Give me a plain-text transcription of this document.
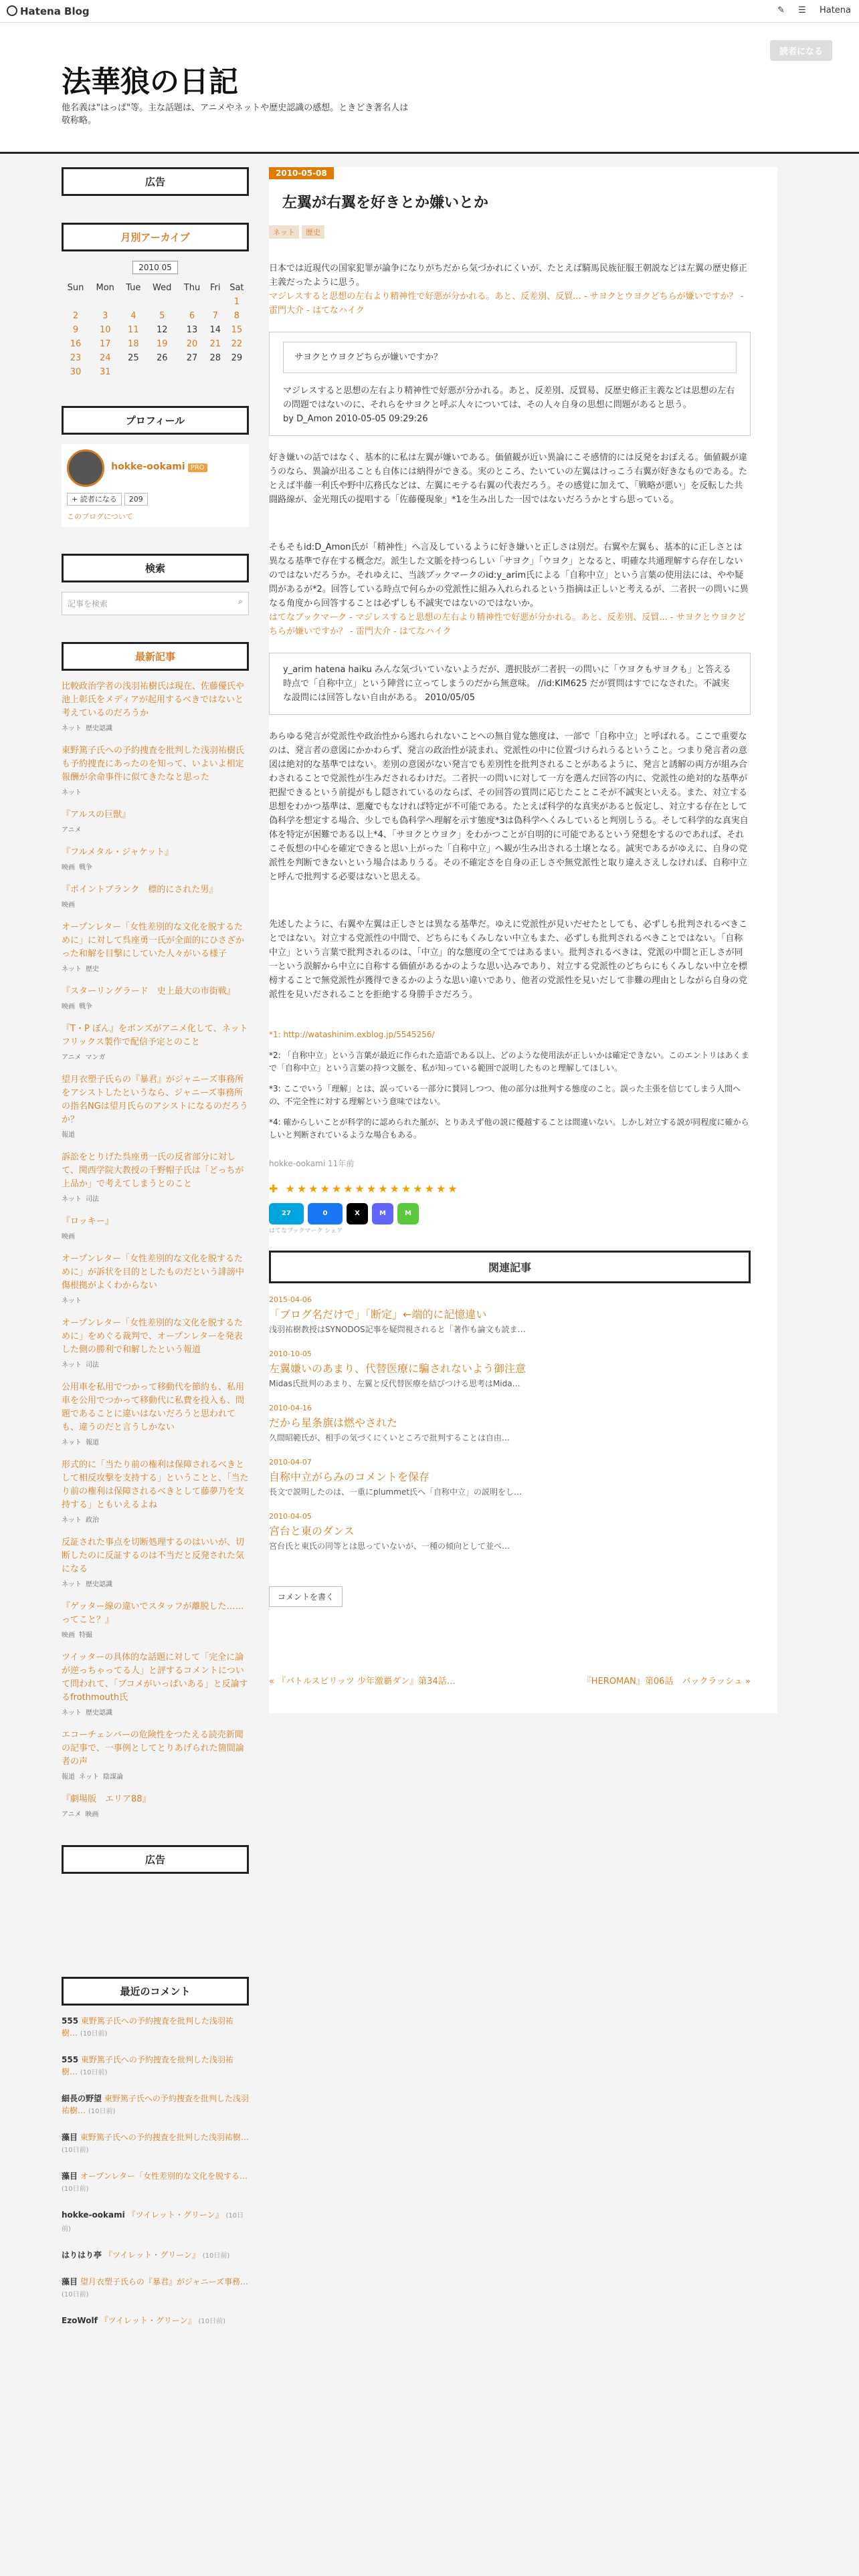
Hatena Blog	✎ ☰ Hatena
法華狼の日記
他名義は"はっぱ"等。主な話題は、アニメやネットや歴史認識の感想。ときどき著名人は敬称略。
読者になる
広告
月別アーカイブ
2010 05
Sun	Mon	Tue	Wed	Thu	Fri	Sat
						1
2	3	4	5	6	7	8
9	10	11	12	13	14	15
16	17	18	19	20	21	22
23	24	25	26	27	28	29
30	31					
プロフィール
hokke-ookami PRO
+ 読者になる 209
このブログについて
検索
記事を検索	⌕
最新記事
比較政治学者の浅羽祐樹氏は現在、佐藤優氏や池上彰氏をメディアが起用するべきではないと考えているのだろうか
ネット 歴史認識
東野篤子氏への予約捜査を批判した浅羽祐樹氏も予約捜査にあったのを知って、いよいよ相定報酬が余命事件に似てきたなと思った
ネット
『アルスの巨獣』
アニメ
『フルメタル・ジャケット』
映画 戦争
『ポイントブランク　標的にされた男』
映画
オープンレター「女性差別的な文化を脱するために」に対して呉座勇一氏が全面的にひさざかった和解を目撃にしていた人々がいる様子
ネット 歴史
『スターリングラード　史上最大の市街戦』
映画 戦争
『T・P ぼん』をボンズがアニメ化して、ネットフリックス製作で配信予定とのこと
アニメ マンガ
望月衣塑子氏らの『暴君』がジャニーズ事務所をアシストしたというなら、ジャニーズ事務所の指名NGは望月氏らのアシストになるのだろうか？
報道
訴訟をとりげた呉座勇一氏の反省部分に対して、関西学院大教授の千野帽子氏は「どっちが上品か」で考えてしまうとのこと
ネット 司法
『ロッキー』
映画
オープンレター「女性差別的な文化を脱するために」が訴状を目的としたものだという誹謗中傷根拠がよくわからない
ネット
オープンレター「女性差別的な文化を脱するために」をめぐる裁判で、オープンレターを発表した側の勝利で和解したという報道
ネット 司法
公用車を私用でつかって移動代を節約も、私用車を公用でつかって移動代に私費を投入も、問題であることに違いはないだろうと思われても、違うのだと言うしかない
ネット 報道
形式的に「当たり前の権利は保障されるべきとして相反攻撃を支持する」ということと、「当たり前の権利は保障されるべきとして藤夢乃を支持する」ともいえるよね
ネット 政治
反証された事点を切断処理するのはいいが、切断したのに反証するのは不当だと反発された気になる
ネット 歴史認識
『ゲッター線の違いでスタッフが離脱した……ってこと？』
映画 特撮
ツイッターの具体的な話題に対して「完全に論が逆っちゃってる人」と評するコメントについて問われて、「ブコメがいっぱいある」と反論するfrothmouth氏
ネット 歴史認識
エコーチェンバーの危険性をつたえる読売新聞の記事で、一事例としてとりあげられた箇間論者の声
報道 ネット 陰謀論
『劇場版　エリア88』
アニメ 映画
広告
最近のコメント
555 東野篤子氏への予約捜査を批判した浅羽祐樹… (10日前)
555 東野篤子氏への予約捜査を批判した浅羽祐樹… (10日前)
細長の野望 東野篤子氏への予約捜査を批判した浅羽祐樹… (10日前)
藻目 東野篤子氏への予約捜査を批判した浅羽祐樹… (10日前)
藻目 オープンレター「女性差別的な文化を脱する… (10日前)
hokke-ookami 『ツイレット・グリーン』 (10日前)
はりはり亭 『ツイレット・グリーン』 (10日前)
藻目 望月衣塑子氏らの『暴君』がジャニーズ事務… (10日前)
EzoWolf 『ツイレット・グリーン』 (10日前)
2010-05-08
左翼が右翼を好きとか嫌いとか
ネット 歴史

日本では近現代の国家犯罪が論争になりがちだから気づかれにくいが、たとえば騎馬民族征服王朝説などは左翼の歴史修正主義だったように思う。

マジレスすると思想の左右より精神性で好悪が分かれる。あと、反差別、反貿... - サヨクとウヨクどちらが嫌いですか？ - 雷門大介 - はてなハイク

サヨクとウヨクどちらが嫌いですか？
マジレスすると思想の左右より精神性で好悪が分かれる。あと、反差別、反貿易、反歴史修正主義などは思想の左右の問題ではないのに、それらをサヨクと呼ぶ人々については、その人々自身の思想に問題があると思う。
by D_Amon 2010-05-05 09:29:26

好き嫌いの話ではなく、基本的に私は左翼が嫌いである。価値観が近い異論にこそ感情的には反発をおぼえる。価値観が違うのなら、異論が出ることも自体には納得ができる。実のところ、たいていの左翼はけっこう右翼が好きなものである。たとえば半藤一利氏や野中広務氏などは、左翼にモテる右翼の代表だろう。その感覚に加えて、「戦略が悪い」を反転した共闘路線が、金光翔氏の提唱する「佐藤優現象」*1を生み出した一因ではないだろうかとすら思っている。

そもそもid:D_Amon氏が「精神性」へ言及しているように好き嫌いと正しさは別だ。右翼や左翼も、基本的に正しさとは異なる基準で存在する概念だ。派生した文脈を持つらしい「サヨク」「ウヨク」となると、明確な共通理解すら存在しないのではないだろうか。それゆえに、当該ブックマークのid:y_arim氏による「自称中立」という言葉の使用法には、やや疑問があるが*2。回答している時点で何らかの党派性に組み入れられるという指摘は正しいと考えるが、二者択一の問いに異なる角度から回答することは必ずしも不誠実ではないのではないか。

はてなブックマーク - マジレスすると思想の左右より精神性で好悪が分かれる。あと、反差別、反貿... - サヨクとウヨクどちらが嫌いですか？ - 雷門大介 - はてなハイク

y_arim hatena haiku みんな気づいていないようだが、選択肢が二者択一の問いに「ウヨクもサヨクも」と答える時点で「自称中立」という陣営に立ってしまうのだから無意味。 //id:KIM625 だが質問はすでになされた。不誠実な設問には回答しない自由がある。 2010/05/05

あらゆる発言が党派性や政治性から逃れられないことへの無自覚な態度は、一部で「自称中立」と呼ばれる。ここで重要なのは、発言者の意図にかかわらず、発言の政治性が読まれ、党派性の中に位置づけられうるということ。つまり発言者の意図は絶対的な基準ではない。差別の意図がない発言でも差別性を批判されることがあるように、発言と誘解の両方が組み合わされることで党派性が生みだされるわけだ。二者択一の問いに対して一方を選んだ回答の内に、党派性の絶対的な基準が把握できるという前提がもし隠されているのならば、その回答の質問に応じたことこそが不誠実といえる。また、対立する思想をわかつ基準は、悪魔でもなければ特定が不可能である。たとえば科学的な真実があると仮定し、対立する存在として偽科学を想定する場合、少しでも偽科学へ理解を示す態度*3は偽科学へくみしていると判別しうる。そして科学的な真実自体を特定が困難である以上*4、「サヨクとウヨク」をわかつことが自明的に可能であるという発想をするのであれば、それこそ仮想の中心を確定できると思い上がった「自称中立」へ観が生み出される土壌となる。誠実であるがゆえに、自身の党派性を判断できないという場合はありうる。その不確定さを自身の正しさや無党派性と取り違えさえしなければ、自称中立と呼んで批判する必要はないと思える。

先述したように、右翼や左翼は正しさとは異なる基準だ。ゆえに党派性が見いだせたとしても、必ずしも批判されるべきことではない。対立する党派性の中間で、どちらにもくみしない中立もまた、必ずしも批判されるべきことではない。「自称中立」という言葉で批判されるのは、「中立」的な態度の全てではあるまい。批判されるべきは、党派の中間と正しさが同一という誤解から中立に自称する価値があるかのような思い込みであり、対立する党派性のどちらにもくみしない中立を標榜することで無党派性が獲得できるかのような思い違いであり、他者の党派性を見いだして非難の理由としながら自身の党派性を見いだされることを拒絶する身勝手さだろう。

*1: http://watashinim.exblog.jp/5545256/

*2: 「自称中立」という言葉が最近に作られた造語である以上、どのような使用法が正しいかは確定できない。このエントリはあくまで「自称中立」という言葉の持つ文脈を、私が知っている範囲で説明したものと理解してほしい。

*3: ここでいう「理解」とは、誤っている一部分に賛同しつつ、他の部分は批判する態度のこと。誤った主張を信じてしまう人間への、不完全性に対する理解という意味ではない。

*4: 確からしいことが科学的に認められた脈が、とりあえず他の説に優越することは間違いない。しかし対立する説が同程度に確からしいと判断されているような場合もある。

hokke-ookami 11年前
✚ ★★★★★★★★★★★★★★★
27	0	X	M	M
はてなブックマーク シェア
関連記事
2015-04-06
「ブログ名だけで」「断定」←端的に記憶違い
浅羽祐樹教授はSYNODOS記事を疑問視されると「著作も論文も読ま…
2010-10-05
左翼嫌いのあまり、代替医療に騙されないよう御注意
Midas氏批判のあまり、左翼と反代替医療を結びつける思考はMida…
2010-04-16
だから星条旗は燃やされた
久間昭範氏が、相手の気づくにくいところで批判することは自由…
2010-04-07
自称中立がらみのコメントを保存
長文で説明したのは、一重にplummet氏へ「自称中立」の説明をし…
2010-04-05
宮台と東のダンス
宮台氏と東氏の同等とは思っていないが、一種の傾向として並べ…
コメントを書く
« 『バトルスピリッツ 少年激覇ダン』第34話…	『HEROMAN』第06話　バックラッシュ »
